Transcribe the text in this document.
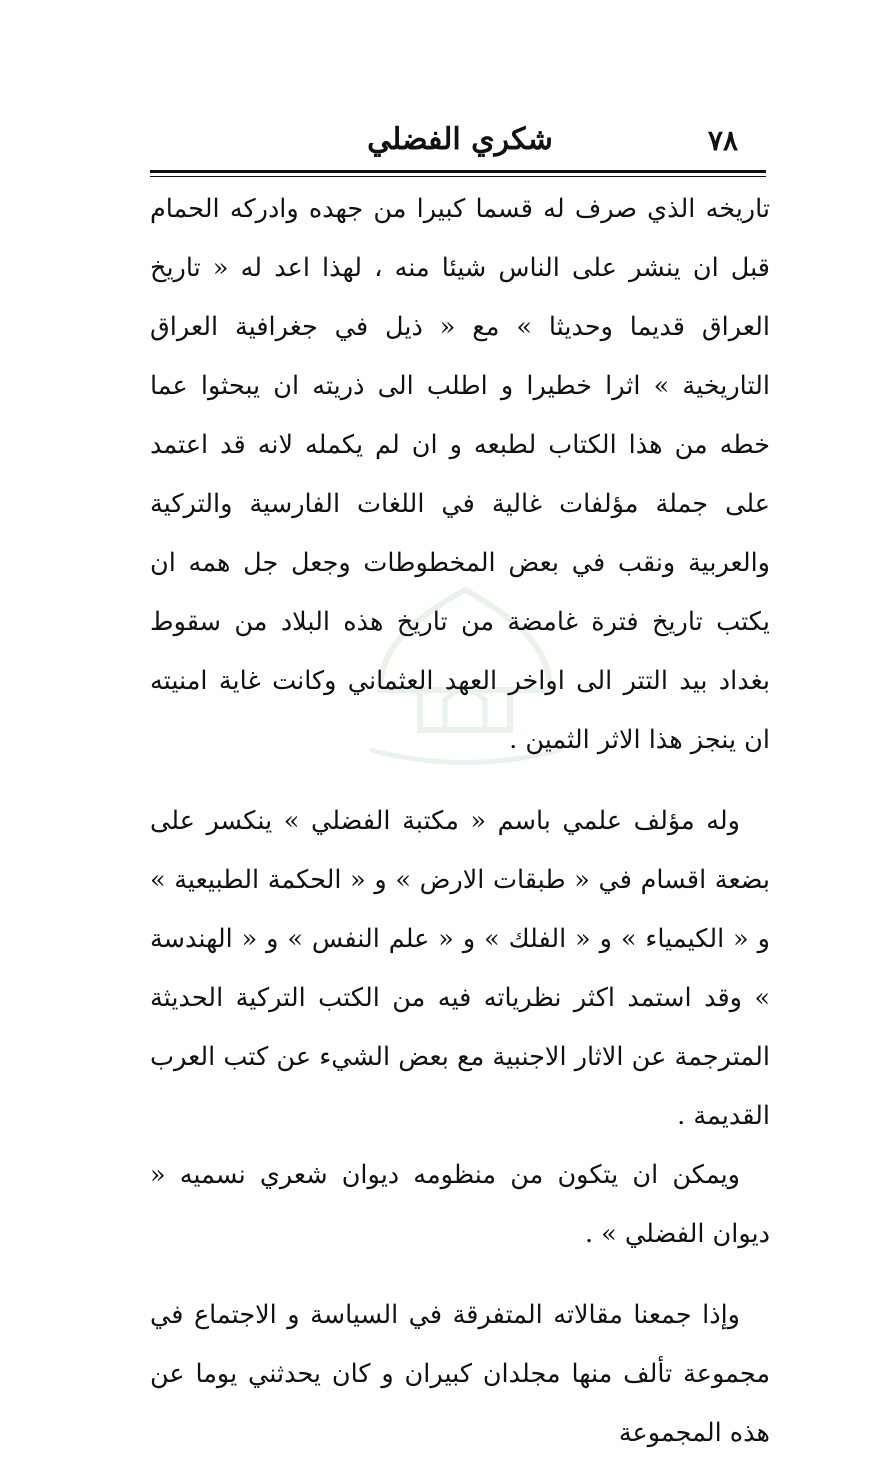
٧٨
شكري الفضلي

تاريخه الذي صرف له قسما كبيرا من جهده وادركه الحمام قبل ان ينشر على الناس شيئا منه ، لهذا اعد له « تاريخ العراق قديما وحديثا » مع « ذيل في جغرافية العراق التاريخية » اثرا خطيرا و اطلب الى ذريته ان يبحثوا عما خطه من هذا الكتاب لطبعه و ان لم يكمله لانه قد اعتمد على جملة مؤلفات غالية في اللغات الفارسية والتركية والعربية ونقب في بعض المخطوطات وجعل جل همه ان يكتب تاريخ فترة غامضة من تاريخ هذه البلاد من سقوط بغداد بيد التتر الى اواخر العهد العثماني وكانت غاية امنيته ان ينجز هذا الاثر الثمين .

وله مؤلف علمي باسم « مكتبة الفضلي » ينكسر على بضعة اقسام في « طبقات الارض » و « الحكمة الطبيعية » و « الكيمياء » و « الفلك » و « علم النفس » و « الهندسة » وقد استمد اكثر نظرياته فيه من الكتب التركية الحديثة المترجمة عن الاثار الاجنبية مع بعض الشيء عن كتب العرب القديمة .

ويمكن ان يتكون من منظومه ديوان شعري نسميه « ديوان الفضلي » .

وإذا جمعنا مقالاته المتفرقة في السياسة و الاجتماع في مجموعة تألف منها مجلدان كبيران و كان يحدثني يوما عن هذه المجموعة
